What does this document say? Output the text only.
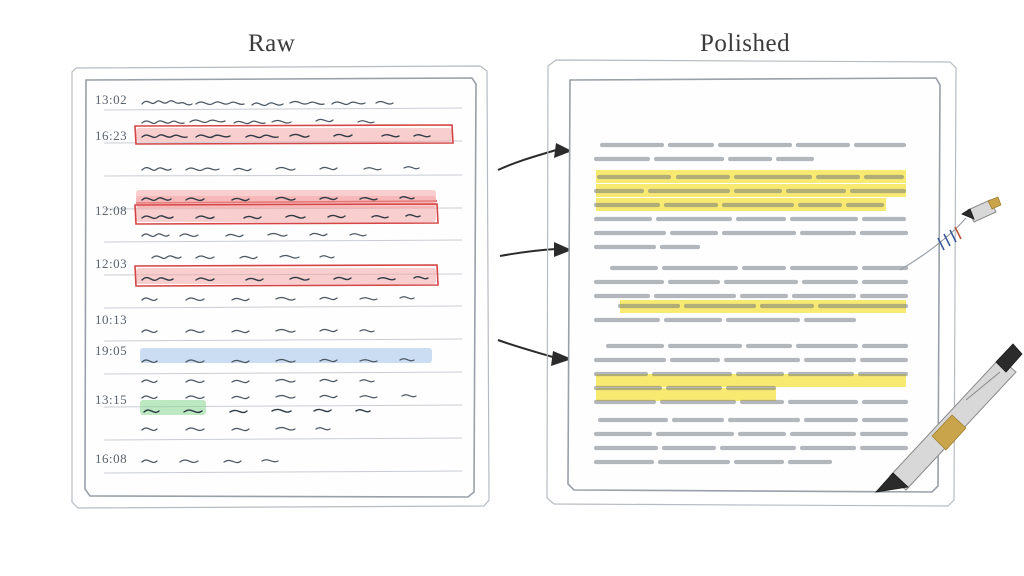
Raw	Polished
13:02
16:23
12:08
12:03
10:13
19:05
13:15
16:08
